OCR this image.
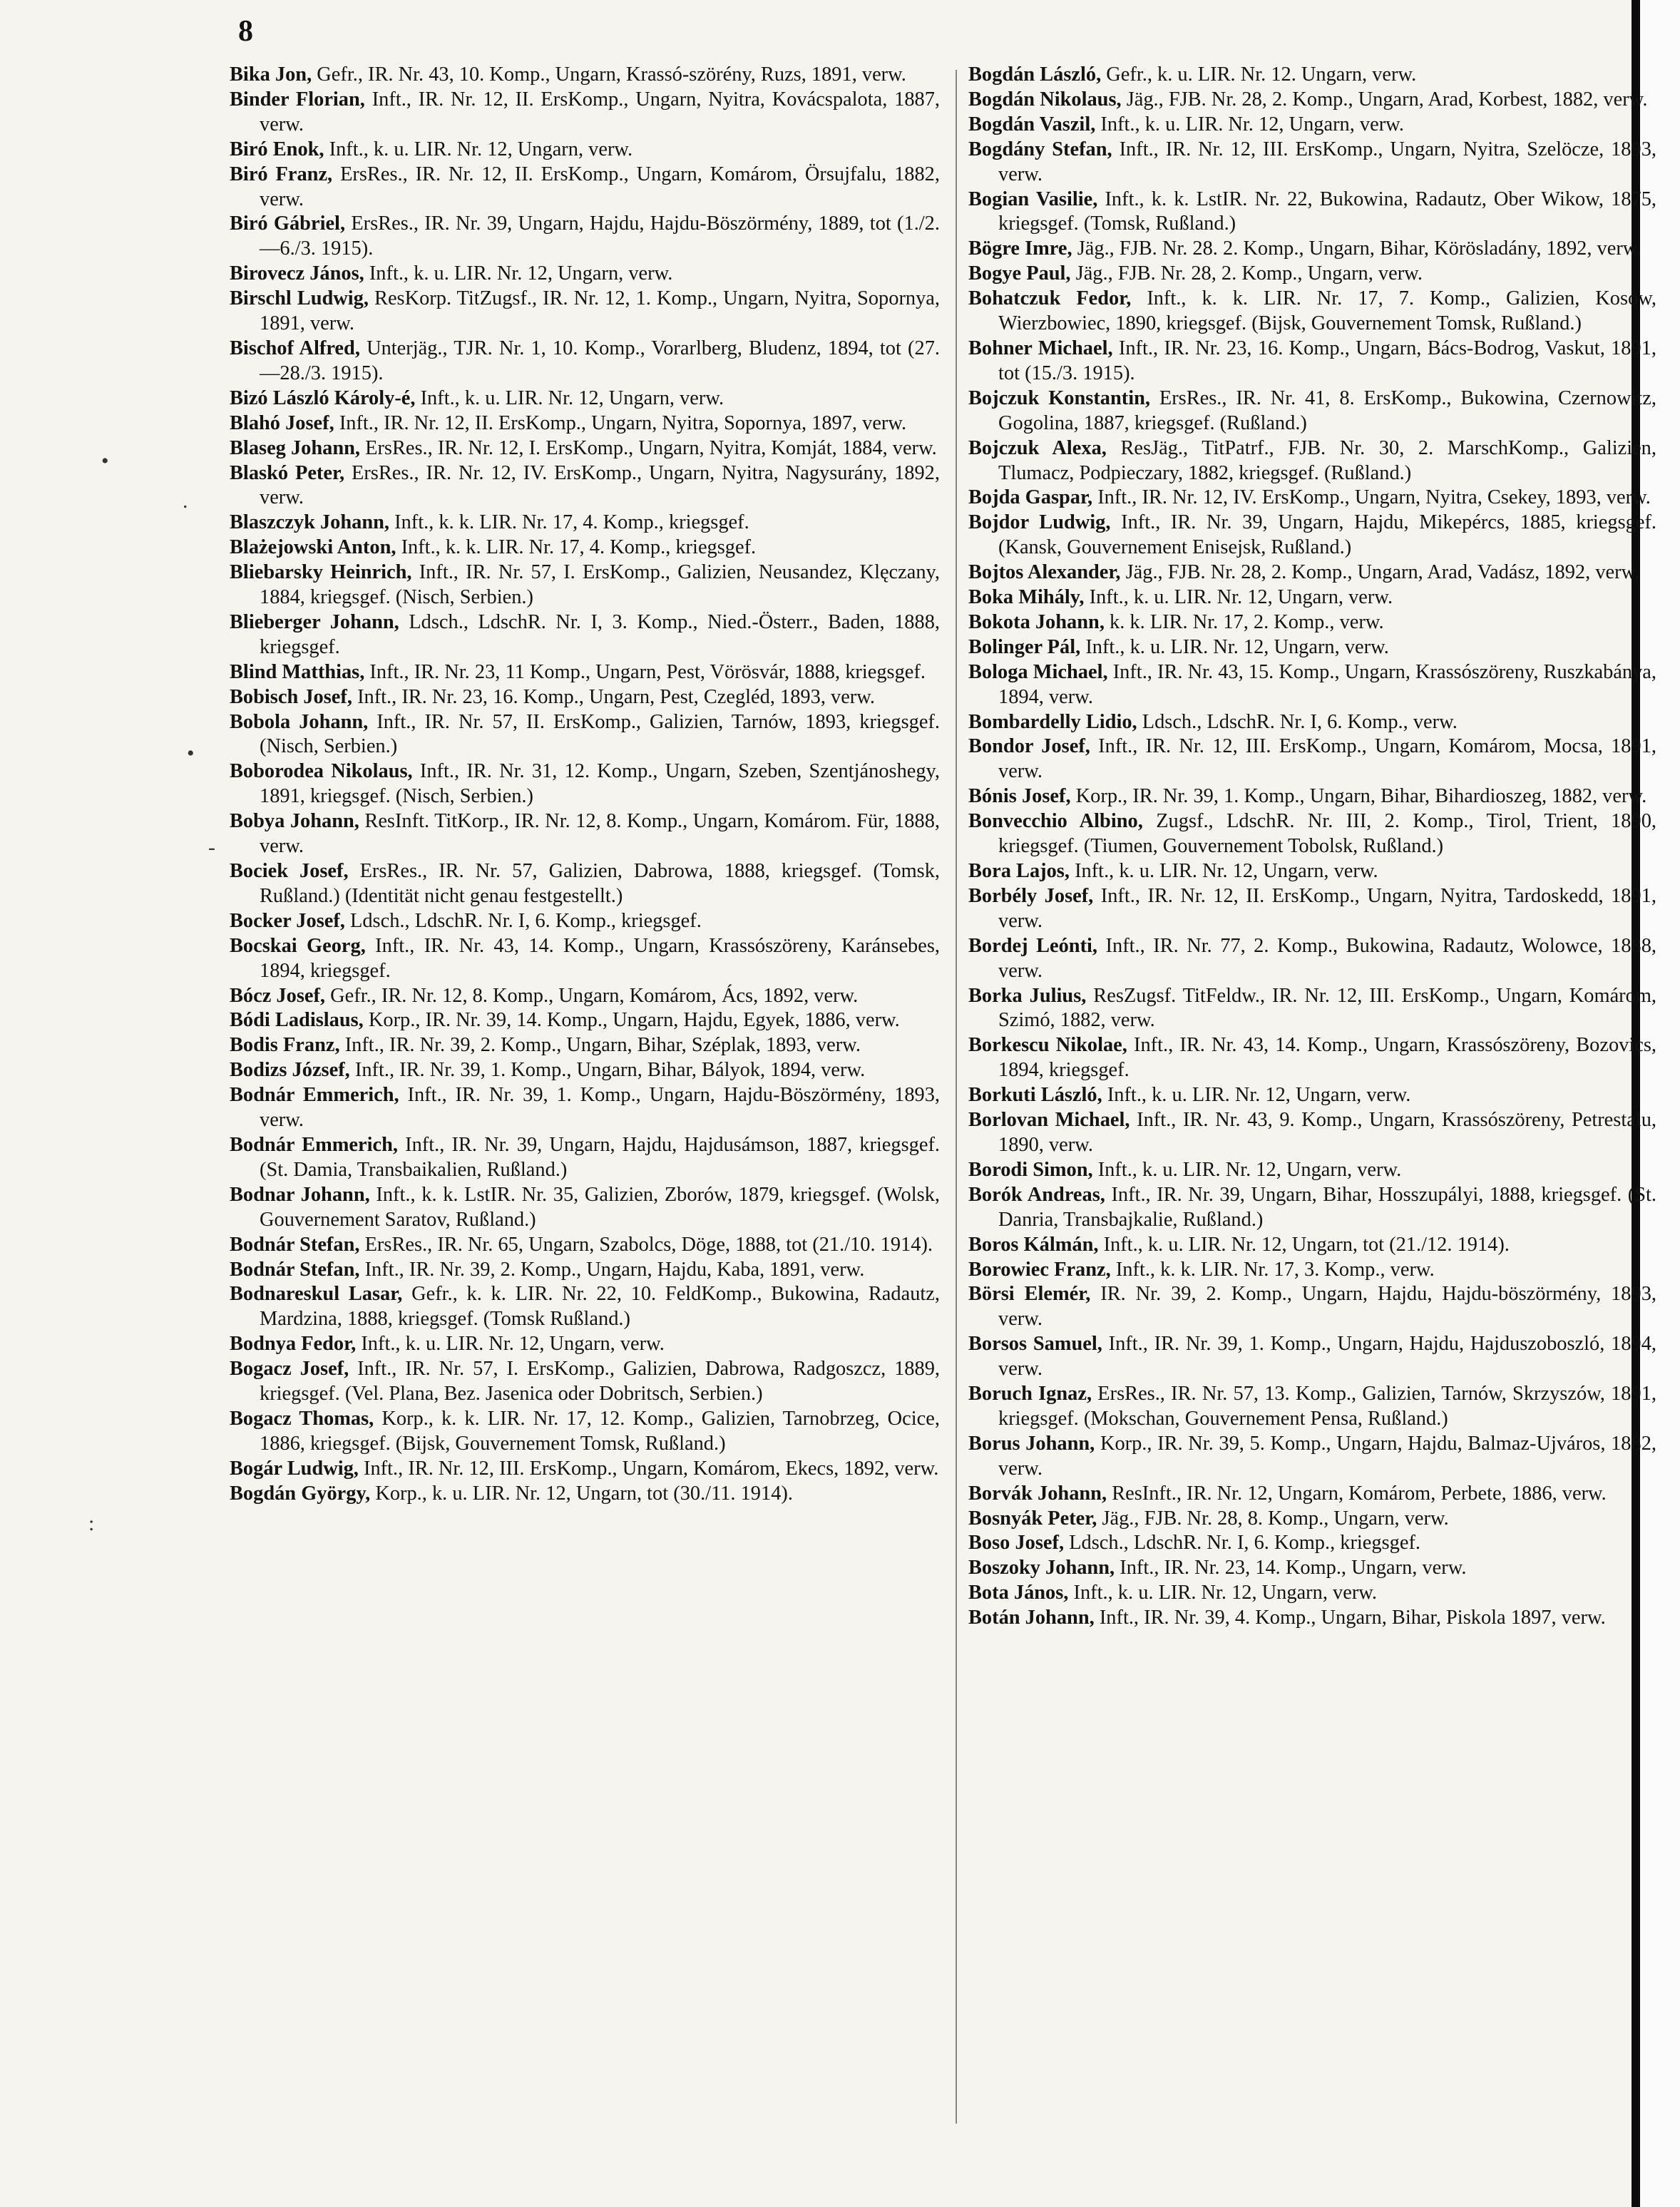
8
•
.
•
-
:

Bika Jon, Gefr., IR. Nr. 43, 10. Komp., Ungarn, Krassó-szörény, Ruzs, 1891, verw.

Binder Florian, Inft., IR. Nr. 12, II. ErsKomp., Ungarn, Nyitra, Kovácspalota, 1887, verw.

Biró Enok, Inft., k. u. LIR. Nr. 12, Ungarn, verw.

Biró Franz, ErsRes., IR. Nr. 12, II. ErsKomp., Ungarn, Komárom, Örsujfalu, 1882, verw.

Biró Gábriel, ErsRes., IR. Nr. 39, Ungarn, Hajdu, Hajdu-Böszörmény, 1889, tot (1./2.—6./3. 1915).

Birovecz János, Inft., k. u. LIR. Nr. 12, Ungarn, verw.

Birschl Ludwig, ResKorp. TitZugsf., IR. Nr. 12, 1. Komp., Ungarn, Nyitra, Sopornya, 1891, verw.

Bischof Alfred, Unterjäg., TJR. Nr. 1, 10. Komp., Vorarlberg, Bludenz, 1894, tot (27.—28./3. 1915).

Bizó László Károly-é, Inft., k. u. LIR. Nr. 12, Ungarn, verw.

Blahó Josef, Inft., IR. Nr. 12, II. ErsKomp., Ungarn, Nyitra, Sopornya, 1897, verw.

Blaseg Johann, ErsRes., IR. Nr. 12, I. ErsKomp., Ungarn, Nyitra, Komját, 1884, verw.

Blaskó Peter, ErsRes., IR. Nr. 12, IV. ErsKomp., Ungarn, Nyitra, Nagysurány, 1892, verw.

Blaszczyk Johann, Inft., k. k. LIR. Nr. 17, 4. Komp., kriegsgef.

Blażejowski Anton, Inft., k. k. LIR. Nr. 17, 4. Komp., kriegsgef.

Bliebarsky Heinrich, Inft., IR. Nr. 57, I. ErsKomp., Galizien, Neusandez, Klęczany, 1884, kriegsgef. (Nisch, Serbien.)

Blieberger Johann, Ldsch., LdschR. Nr. I, 3. Komp., Nied.-Österr., Baden, 1888, kriegsgef.

Blind Matthias, Inft., IR. Nr. 23, 11 Komp., Ungarn, Pest, Vörösvár, 1888, kriegsgef.

Bobisch Josef, Inft., IR. Nr. 23, 16. Komp., Ungarn, Pest, Czegléd, 1893, verw.

Bobola Johann, Inft., IR. Nr. 57, II. ErsKomp., Galizien, Tarnów, 1893, kriegsgef. (Nisch, Serbien.)

Boborodea Nikolaus, Inft., IR. Nr. 31, 12. Komp., Ungarn, Szeben, Szentjánoshegy, 1891, kriegsgef. (Nisch, Serbien.)

Bobya Johann, ResInft. TitKorp., IR. Nr. 12, 8. Komp., Ungarn, Komárom. Für, 1888, verw.

Bociek Josef, ErsRes., IR. Nr. 57, Galizien, Dabrowa, 1888, kriegsgef. (Tomsk, Rußland.) (Identität nicht genau festgestellt.)

Bocker Josef, Ldsch., LdschR. Nr. I, 6. Komp., kriegsgef.

Bocskai Georg, Inft., IR. Nr. 43, 14. Komp., Ungarn, Krassószöreny, Karánsebes, 1894, kriegsgef.

Bócz Josef, Gefr., IR. Nr. 12, 8. Komp., Ungarn, Komárom, Ács, 1892, verw.

Bódi Ladislaus, Korp., IR. Nr. 39, 14. Komp., Ungarn, Hajdu, Egyek, 1886, verw.

Bodis Franz, Inft., IR. Nr. 39, 2. Komp., Ungarn, Bihar, Széplak, 1893, verw.

Bodizs József, Inft., IR. Nr. 39, 1. Komp., Ungarn, Bihar, Bályok, 1894, verw.

Bodnár Emmerich, Inft., IR. Nr. 39, 1. Komp., Ungarn, Hajdu-Böszörmény, 1893, verw.

Bodnár Emmerich, Inft., IR. Nr. 39, Ungarn, Hajdu, Hajdusámson, 1887, kriegsgef. (St. Damia, Transbaikalien, Rußland.)

Bodnar Johann, Inft., k. k. LstIR. Nr. 35, Galizien, Zborów, 1879, kriegsgef. (Wolsk, Gouvernement Saratov, Rußland.)

Bodnár Stefan, ErsRes., IR. Nr. 65, Ungarn, Szabolcs, Döge, 1888, tot (21./10. 1914).

Bodnár Stefan, Inft., IR. Nr. 39, 2. Komp., Ungarn, Hajdu, Kaba, 1891, verw.

Bodnareskul Lasar, Gefr., k. k. LIR. Nr. 22, 10. FeldKomp., Bukowina, Radautz, Mardzina, 1888, kriegsgef. (Tomsk Rußland.)

Bodnya Fedor, Inft., k. u. LIR. Nr. 12, Ungarn, verw.

Bogacz Josef, Inft., IR. Nr. 57, I. ErsKomp., Galizien, Dabrowa, Radgoszcz, 1889, kriegsgef. (Vel. Plana, Bez. Jasenica oder Dobritsch, Serbien.)

Bogacz Thomas, Korp., k. k. LIR. Nr. 17, 12. Komp., Galizien, Tarnobrzeg, Ocice, 1886, kriegsgef. (Bijsk, Gouvernement Tomsk, Rußland.)

Bogár Ludwig, Inft., IR. Nr. 12, III. ErsKomp., Ungarn, Komárom, Ekecs, 1892, verw.

Bogdán György, Korp., k. u. LIR. Nr. 12, Ungarn, tot (30./11. 1914).

Bogdán László, Gefr., k. u. LIR. Nr. 12. Ungarn, verw.

Bogdán Nikolaus, Jäg., FJB. Nr. 28, 2. Komp., Ungarn, Arad, Korbest, 1882, verw.

Bogdán Vaszil, Inft., k. u. LIR. Nr. 12, Ungarn, verw.

Bogdány Stefan, Inft., IR. Nr. 12, III. ErsKomp., Ungarn, Nyitra, Szelöcze, 1893, verw.

Bogian Vasilie, Inft., k. k. LstIR. Nr. 22, Bukowina, Radautz, Ober Wikow, 1875, kriegsgef. (Tomsk, Rußland.)

Bögre Imre, Jäg., FJB. Nr. 28. 2. Komp., Ungarn, Bihar, Körösladány, 1892, verw.

Bogye Paul, Jäg., FJB. Nr. 28, 2. Komp., Ungarn, verw.

Bohatczuk Fedor, Inft., k. k. LIR. Nr. 17, 7. Komp., Galizien, Kosów, Wierzbowiec, 1890, kriegsgef. (Bijsk, Gouvernement Tomsk, Rußland.)

Bohner Michael, Inft., IR. Nr. 23, 16. Komp., Ungarn, Bács-Bodrog, Vaskut, 1891, tot (15./3. 1915).

Bojczuk Konstantin, ErsRes., IR. Nr. 41, 8. ErsKomp., Bukowina, Czernowitz, Gogolina, 1887, kriegsgef. (Rußland.)

Bojczuk Alexa, ResJäg., TitPatrf., FJB. Nr. 30, 2. MarschKomp., Galizien, Tlumacz, Podpieczary, 1882, kriegsgef. (Rußland.)

Bojda Gaspar, Inft., IR. Nr. 12, IV. ErsKomp., Ungarn, Nyitra, Csekey, 1893, verw.

Bojdor Ludwig, Inft., IR. Nr. 39, Ungarn, Hajdu, Mikepércs, 1885, kriegsgef. (Kansk, Gouvernement Enisejsk, Rußland.)

Bojtos Alexander, Jäg., FJB. Nr. 28, 2. Komp., Ungarn, Arad, Vadász, 1892, verw.

Boka Mihály, Inft., k. u. LIR. Nr. 12, Ungarn, verw.

Bokota Johann, k. k. LIR. Nr. 17, 2. Komp., verw.

Bolinger Pál, Inft., k. u. LIR. Nr. 12, Ungarn, verw.

Bologa Michael, Inft., IR. Nr. 43, 15. Komp., Ungarn, Krassószöreny, Ruszkabánya, 1894, verw.

Bombardelly Lidio, Ldsch., LdschR. Nr. I, 6. Komp., verw.

Bondor Josef, Inft., IR. Nr. 12, III. ErsKomp., Ungarn, Komárom, Mocsa, 1891, verw.

Bónis Josef, Korp., IR. Nr. 39, 1. Komp., Ungarn, Bihar, Bihardioszeg, 1882, verw.

Bonvecchio Albino, Zugsf., LdschR. Nr. III, 2. Komp., Tirol, Trient, 1890, kriegsgef. (Tiumen, Gouvernement Tobolsk, Rußland.)

Bora Lajos, Inft., k. u. LIR. Nr. 12, Ungarn, verw.

Borbély Josef, Inft., IR. Nr. 12, II. ErsKomp., Ungarn, Nyitra, Tardoskedd, 1891, verw.

Bordej Leónti, Inft., IR. Nr. 77, 2. Komp., Bukowina, Radautz, Wolowce, 1888, verw.

Borka Julius, ResZugsf. TitFeldw., IR. Nr. 12, III. ErsKomp., Ungarn, Komárom, Szimó, 1882, verw.

Borkescu Nikolae, Inft., IR. Nr. 43, 14. Komp., Ungarn, Krassószöreny, Bozovics, 1894, kriegsgef.

Borkuti László, Inft., k. u. LIR. Nr. 12, Ungarn, verw.

Borlovan Michael, Inft., IR. Nr. 43, 9. Komp., Ungarn, Krassószöreny, Petrestalu, 1890, verw.

Borodi Simon, Inft., k. u. LIR. Nr. 12, Ungarn, verw.

Borók Andreas, Inft., IR. Nr. 39, Ungarn, Bihar, Hosszupályi, 1888, kriegsgef. (St. Danria, Transbajkalie, Rußland.)

Boros Kálmán, Inft., k. u. LIR. Nr. 12, Ungarn, tot (21./12. 1914).

Borowiec Franz, Inft., k. k. LIR. Nr. 17, 3. Komp., verw.

Börsi Elemér, IR. Nr. 39, 2. Komp., Ungarn, Hajdu, Hajdu-böszörmény, 1893, verw.

Borsos Samuel, Inft., IR. Nr. 39, 1. Komp., Ungarn, Hajdu, Hajduszoboszló, 1894, verw.

Boruch Ignaz, ErsRes., IR. Nr. 57, 13. Komp., Galizien, Tarnów, Skrzyszów, 1891, kriegsgef. (Mokschan, Gouvernement Pensa, Rußland.)

Borus Johann, Korp., IR. Nr. 39, 5. Komp., Ungarn, Hajdu, Balmaz-Ujváros, 1882, verw.

Borvák Johann, ResInft., IR. Nr. 12, Ungarn, Komárom, Perbete, 1886, verw.

Bosnyák Peter, Jäg., FJB. Nr. 28, 8. Komp., Ungarn, verw.

Boso Josef, Ldsch., LdschR. Nr. I, 6. Komp., kriegsgef.

Boszoky Johann, Inft., IR. Nr. 23, 14. Komp., Ungarn, verw.

Bota János, Inft., k. u. LIR. Nr. 12, Ungarn, verw.

Botán Johann, Inft., IR. Nr. 39, 4. Komp., Ungarn, Bihar, Piskola 1897, verw.
